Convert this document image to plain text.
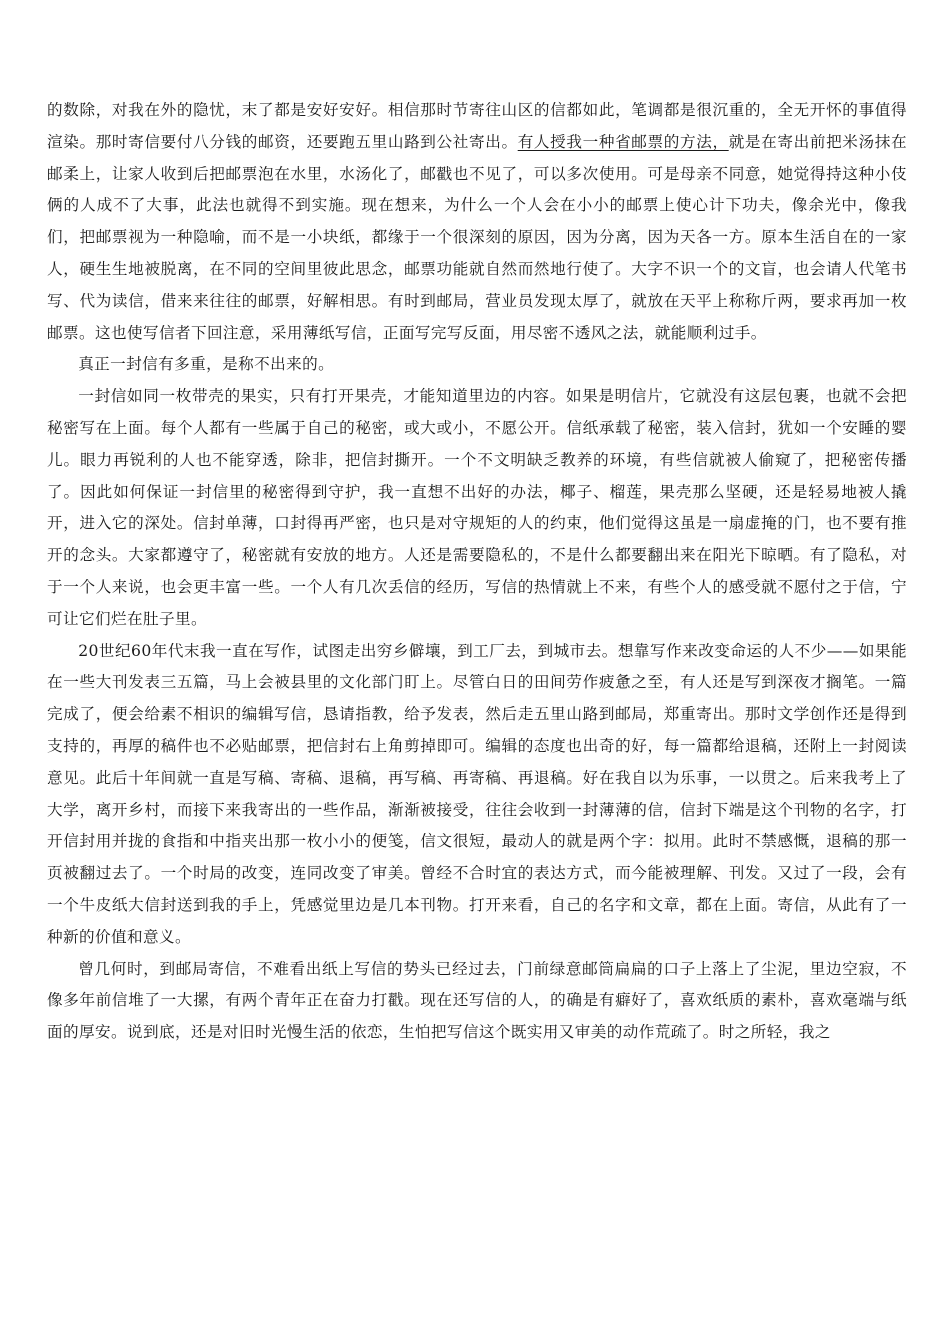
的数除，对我在外的隐忧，末了都是安好安好。相信那时节寄往山区的信都如此，笔调都是很沉重的，全无开怀的事值得渲染。那时寄信要付八分钱的邮资，还要跑五里山路到公社寄出。有人授我一种省邮票的方法，就是在寄出前把米汤抹在邮柔上，让家人收到后把邮票泡在水里，水汤化了，邮戳也不见了，可以多次使用。可是母亲不同意，她觉得持这种小伎俩的人成不了大事，此法也就得不到实施。现在想来，为什么一个人会在小小的邮票上使心计下功夫，像余光中，像我们，把邮票视为一种隐喻，而不是一小块纸，都缘于一个很深刻的原因，因为分离，因为天各一方。原本生活自在的一家人，硬生生地被脱离，在不同的空间里彼此思念，邮票功能就自然而然地行使了。大字不识一个的文盲，也会请人代笔书写、代为读信，借来来往往的邮票，好解相思。有时到邮局，营业员发现太厚了，就放在天平上称称斤两，要求再加一枚邮票。这也使写信者下回注意，采用薄纸写信，正面写完写反面，用尽密不透风之法，就能顺利过手。

真正一封信有多重，是称不出来的。

一封信如同一枚带壳的果实，只有打开果壳，才能知道里边的内容。如果是明信片，它就没有这层包裹，也就不会把秘密写在上面。每个人都有一些属于自己的秘密，或大或小，不愿公开。信纸承载了秘密，装入信封，犹如一个安睡的婴儿。眼力再锐利的人也不能穿透，除非，把信封撕开。一个不文明缺乏教养的环境，有些信就被人偷窥了，把秘密传播了。因此如何保证一封信里的秘密得到守护，我一直想不出好的办法，椰子、榴莲，果壳那么坚硬，还是轻易地被人撬开，进入它的深处。信封单薄，口封得再严密，也只是对守规矩的人的约束，他们觉得这虽是一扇虚掩的门，也不要有推开的念头。大家都遵守了，秘密就有安放的地方。人还是需要隐私的，不是什么都要翻出来在阳光下晾晒。有了隐私，对于一个人来说，也会更丰富一些。一个人有几次丢信的经历，写信的热情就上不来，有些个人的感受就不愿付之于信，宁可让它们烂在肚子里。

20世纪60年代末我一直在写作，试图走出穷乡僻壤，到工厂去，到城市去。想靠写作来改变命运的人不少——如果能在一些大刊发表三五篇，马上会被县里的文化部门盯上。尽管白日的田间劳作疲惫之至，有人还是写到深夜才搁笔。一篇完成了，便会给素不相识的编辑写信，恳请指教，给予发表，然后走五里山路到邮局，郑重寄出。那时文学创作还是得到支持的，再厚的稿件也不必贴邮票，把信封右上角剪掉即可。编辑的态度也出奇的好，每一篇都给退稿，还附上一封阅读意见。此后十年间就一直是写稿、寄稿、退稿，再写稿、再寄稿、再退稿。好在我自以为乐事，一以贯之。后来我考上了大学，离开乡村，而接下来我寄出的一些作品，渐渐被接受，往往会收到一封薄薄的信，信封下端是这个刊物的名字，打开信封用并拢的食指和中指夹出那一枚小小的便笺，信文很短，最动人的就是两个字：拟用。此时不禁感慨，退稿的那一页被翻过去了。一个时局的改变，连同改变了审美。曾经不合时宜的表达方式，而今能被理解、刊发。又过了一段，会有一个牛皮纸大信封送到我的手上，凭感觉里边是几本刊物。打开来看，自己的名字和文章，都在上面。寄信，从此有了一种新的价值和意义。

曾几何时，到邮局寄信，不难看出纸上写信的势头已经过去，门前绿意邮筒扁扁的口子上落上了尘泥，里边空寂，不像多年前信堆了一大摞，有两个青年正在奋力打戳。现在还写信的人，的确是有癖好了，喜欢纸质的素朴，喜欢毫端与纸面的厚安。说到底，还是对旧时光慢生活的依恋，生怕把写信这个既实用又审美的动作荒疏了。时之所轻，我之
